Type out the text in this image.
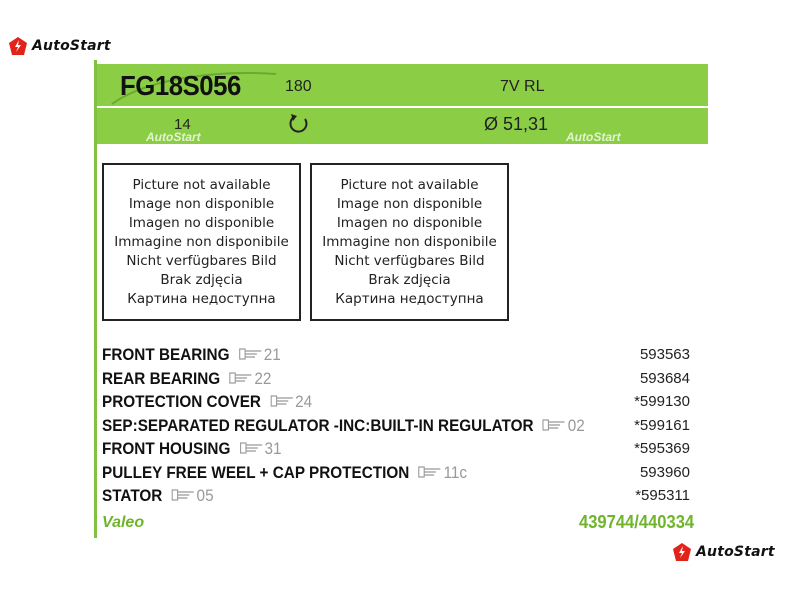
AutoStart
FG18S056	180	7V RL
14	Ø 51,31
AutoStart	AutoStart
Picture not available
Image non disponible
Imagen no disponible
Immagine non disponibile
Nicht verfügbares Bild
Brak zdjęcia
Картина недоступна
Picture not available
Image non disponible
Imagen no disponible
Immagine non disponibile
Nicht verfügbares Bild
Brak zdjęcia
Картина недоступна
FRONT BEARING 21	593563
REAR BEARING 22	593684
PROTECTION COVER 24	*599130
SEP:SEPARATED REGULATOR -INC:BUILT-IN REGULATOR 02	*599161
FRONT HOUSING 31	*595369
PULLEY FREE WEEL + CAP PROTECTION 11c	593960
STATOR 05	*595311
Valeo	439744/440334
AutoStart
